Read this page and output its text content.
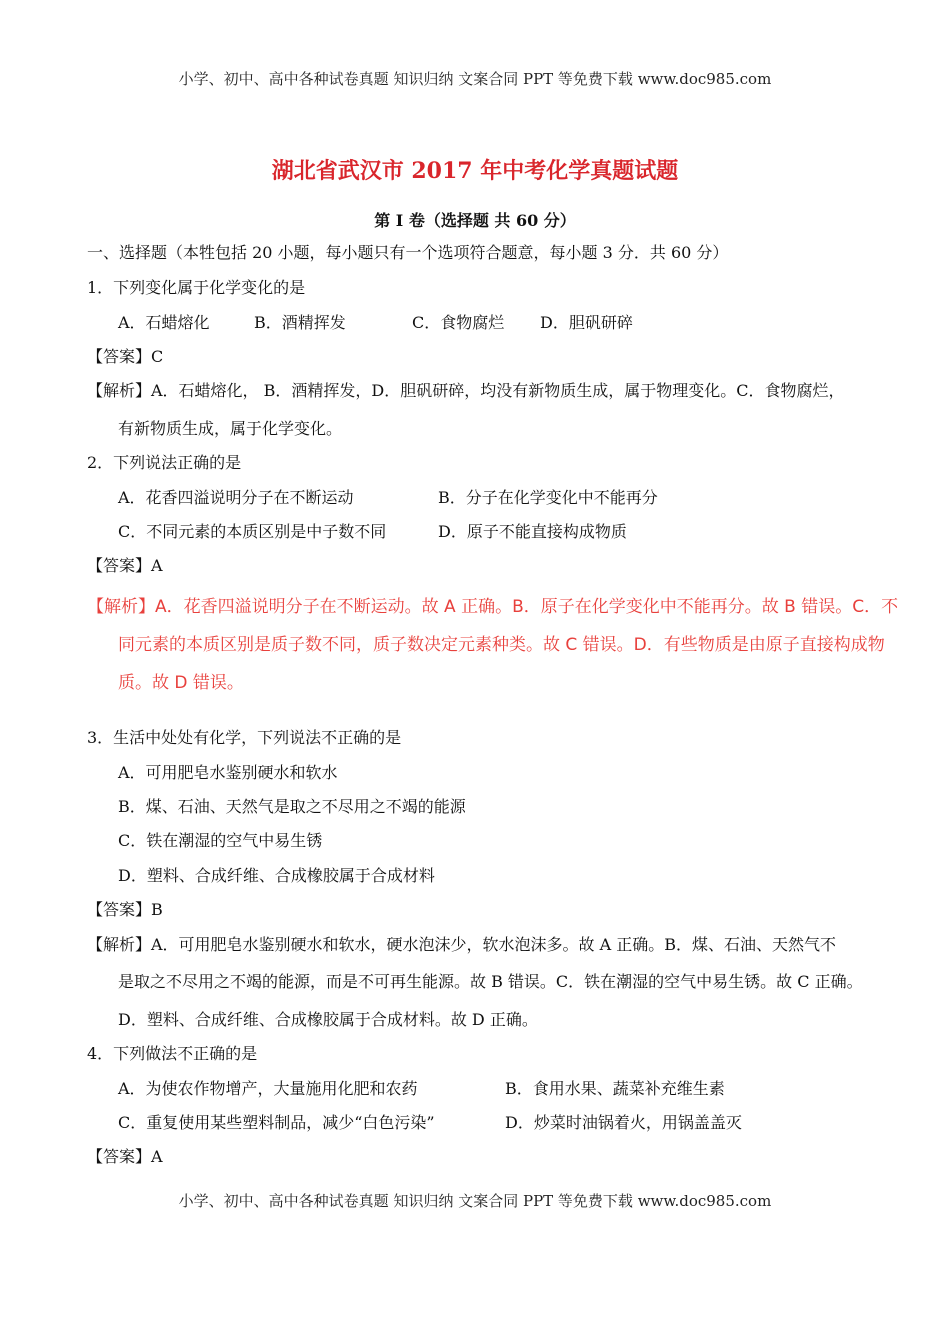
小学、初中、高中各种试卷真题 知识归纳 文案合同 PPT 等免费下载 www.doc985.com
湖北省武汉市 2017 年中考化学真题试题
第 I 卷（选择题 共 60 分）
一、选择题（本牲包括 20 小题，每小题只有一个选项符合题意，每小题 3 分．共 60 分）
1．下列变化属于化学变化的是
A．石蜡熔化	B．酒精挥发	C．食物腐烂 D．胆矾研碎
【答案】C
【解析】A．石蜡熔化， B．酒精挥发，D．胆矾研碎，均没有新物质生成，属于物理变化。C．食物腐烂，
有新物质生成，属于化学变化。
2．下列说法正确的是
A．花香四溢说明分子在不断运动	B．分子在化学变化中不能再分
C．不同元素的本质区别是中子数不同	D．原子不能直接构成物质
【答案】A
【解析】A．花香四溢说明分子在不断运动。故 A 正确。B．原子在化学变化中不能再分。故 B 错误。C．不
同元素的本质区别是质子数不同，质子数决定元素种类。故 C 错误。D．有些物质是由原子直接构成物
质。故 D 错误。
3．生活中处处有化学，下列说法不正确的是
A．可用肥皂水鉴别硬水和软水
B．煤、石油、天然气是取之不尽用之不竭的能源
C．铁在潮湿的空气中易生锈
D．塑料、合成纤维、合成橡胶属于合成材料
【答案】B
【解析】A．可用肥皂水鉴别硬水和软水，硬水泡沫少，软水泡沫多。故 A 正确。B．煤、石油、天然气不
是取之不尽用之不竭的能源，而是不可再生能源。故 B 错误。C．铁在潮湿的空气中易生锈。故 C 正确。
D．塑料、合成纤维、合成橡胶属于合成材料。故 D 正确。
4．下列做法不正确的是
A．为使农作物增产，大量施用化肥和农药	B．食用水果、蔬菜补充维生素
C．重复使用某些塑料制品，减少“白色污染”	D．炒菜时油锅着火，用锅盖盖灭
【答案】A
小学、初中、高中各种试卷真题 知识归纳 文案合同 PPT 等免费下载 www.doc985.com
